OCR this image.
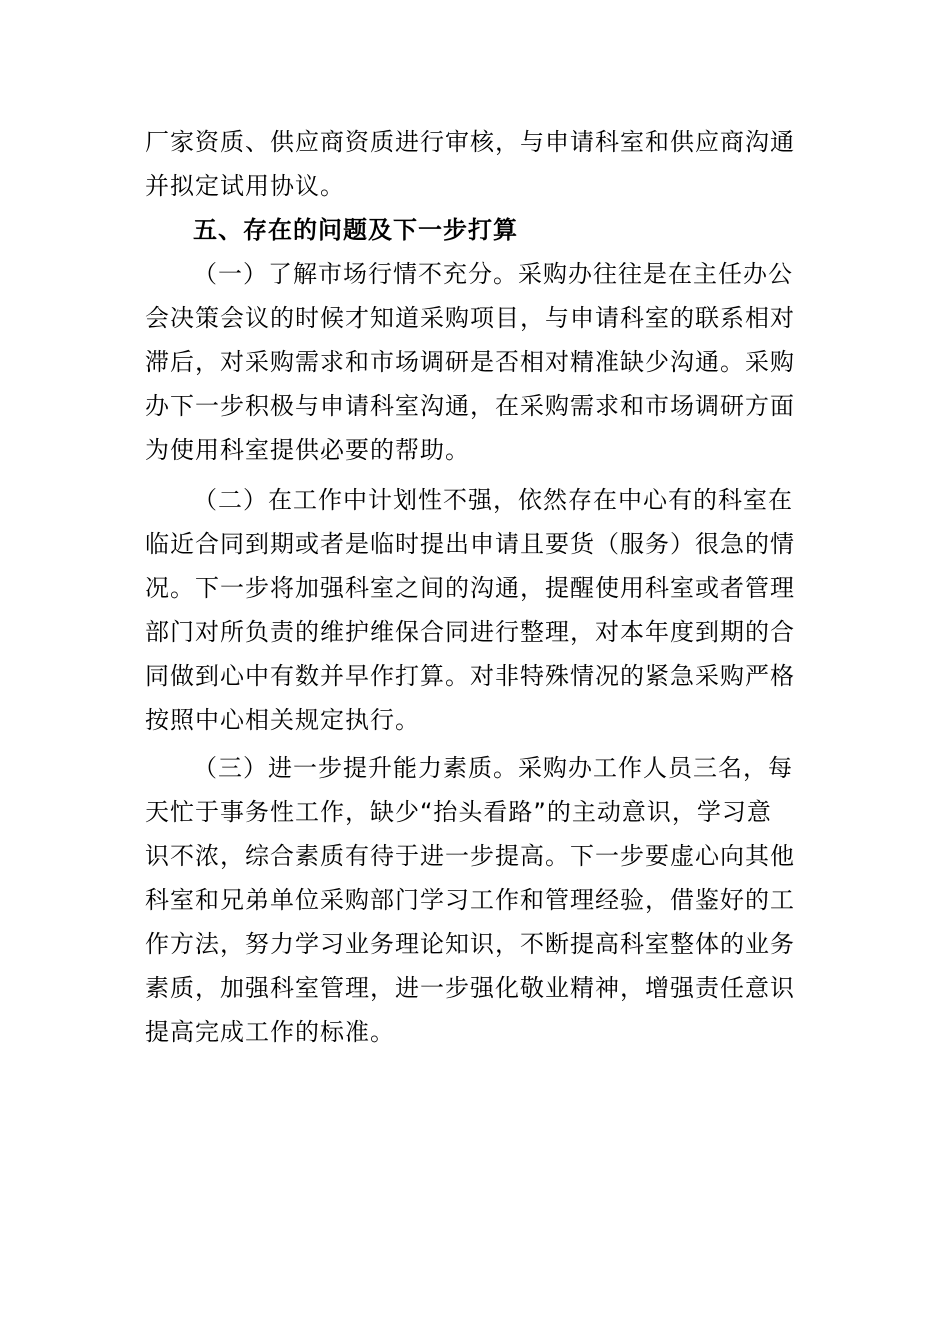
厂家资质、供应商资质进行审核，与申请科室和供应商沟通
并拟定试用协议。
五、存在的问题及下一步打算
（一）了解市场行情不充分。采购办往往是在主任办公
会决策会议的时候才知道采购项目，与申请科室的联系相对
滞后，对采购需求和市场调研是否相对精准缺少沟通。采购
办下一步积极与申请科室沟通，在采购需求和市场调研方面
为使用科室提供必要的帮助。
（二）在工作中计划性不强，依然存在中心有的科室在
临近合同到期或者是临时提出申请且要货（服务）很急的情
况。下一步将加强科室之间的沟通，提醒使用科室或者管理
部门对所负责的维护维保合同进行整理，对本年度到期的合
同做到心中有数并早作打算。对非特殊情况的紧急采购严格
按照中心相关规定执行。
（三）进一步提升能力素质。采购办工作人员三名，每
天忙于事务性工作，缺少“抬头看路”的主动意识，学习意
识不浓，综合素质有待于进一步提高。下一步要虚心向其他
科室和兄弟单位采购部门学习工作和管理经验，借鉴好的工
作方法，努力学习业务理论知识，不断提高科室整体的业务
素质，加强科室管理，进一步强化敬业精神，增强责任意识
提高完成工作的标准。
